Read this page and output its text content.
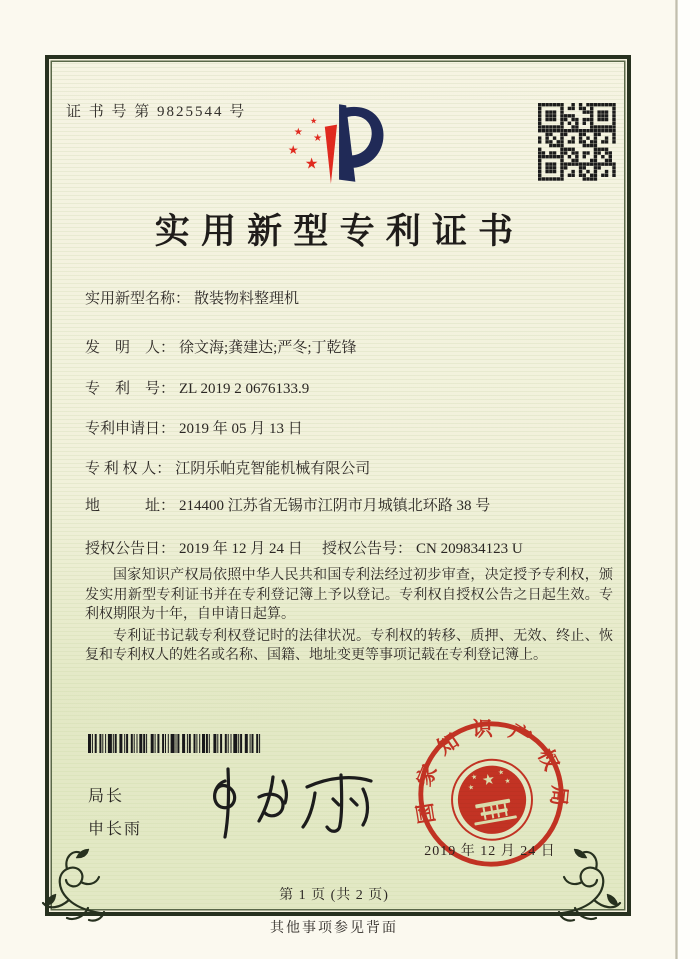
证 书 号 第 9825544 号
★
★
★
★
★
实用新型专利证书
实用新型名称： 散装物料整理机
发　明　人： 徐文海;龚建达;严冬;丁乾锋
专　利　号： ZL 2019 2 0676133.9
专利申请日： 2019 年 05 月 13 日
专 利 权 人： 江阴乐帕克智能机械有限公司
地　　　址： 214400 江苏省无锡市江阴市月城镇北环路 38 号
授权公告日： 2019 年 12 月 24 日 授权公告号： CN 209834123 U

国家知识产权局依照中华人民共和国专利法经过初步审查，决定授予专利权，颁发实用新型专利证书并在专利登记簿上予以登记。专利权自授权公告之日起生效。专利权期限为十年，自申请日起算。

专利证书记载专利权登记时的法律状况。专利权的转移、质押、无效、终止、恢复和专利权人的姓名或名称、国籍、地址变更等事项记载在专利登记簿上。

局长
申长雨
★
★
★
★
★
国家知识产权局
2019 年 12 月 24 日
第 1 页 (共 2 页)
其他事项参见背面
